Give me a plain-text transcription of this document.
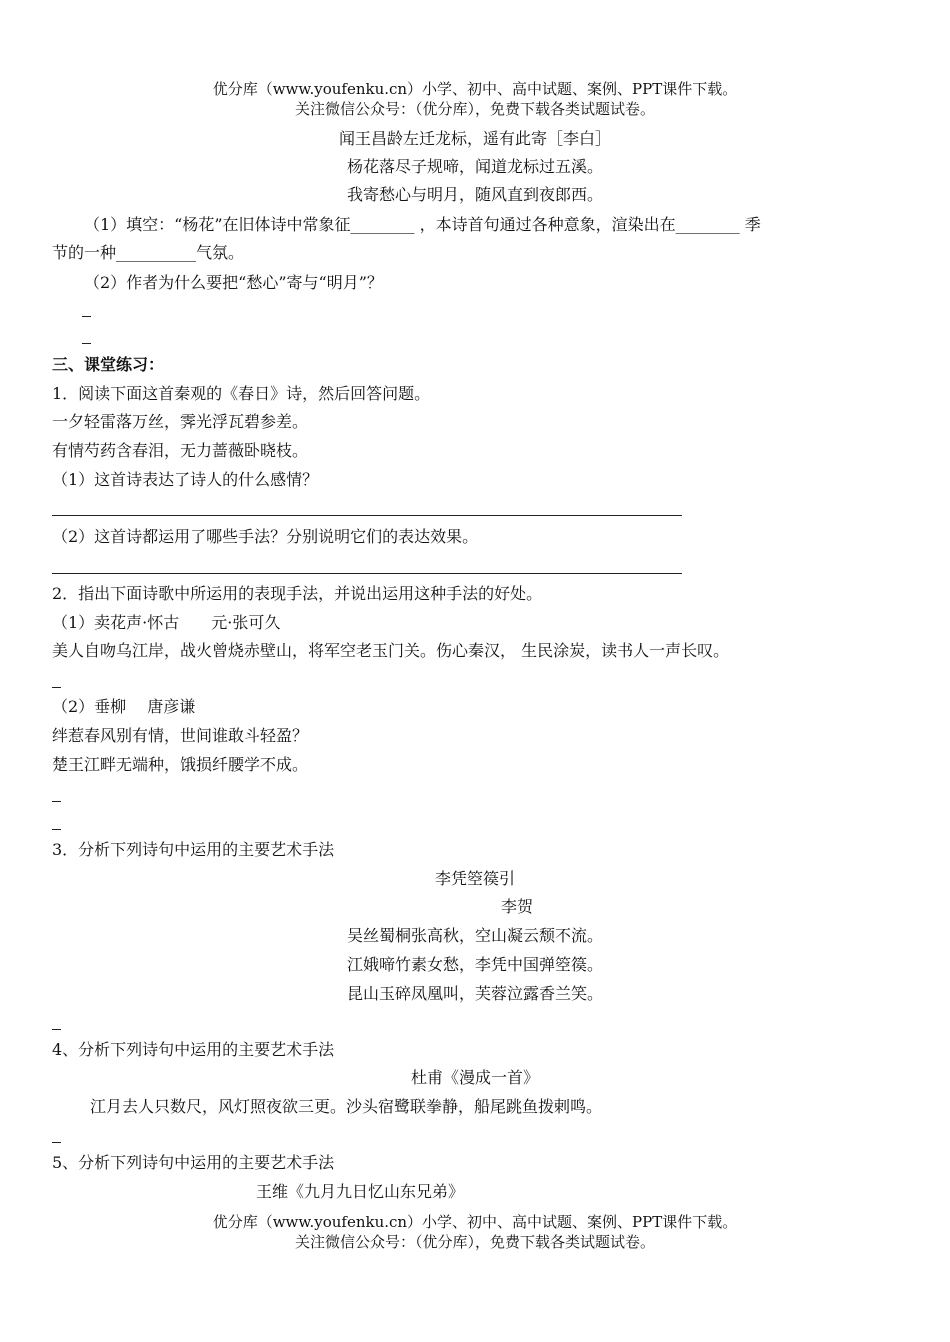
优分库（www.youfenku.cn）小学、初中、高中试题、案例、PPT课件下载。
关注微信公众号：（优分库），免费下载各类试题试卷。
闻王昌龄左迁龙标，遥有此寄［李白］
杨花落尽子规啼，闻道龙标过五溪。
我寄愁心与明月，随风直到夜郎西。
（1）填空：“杨花”在旧体诗中常象征________ ，本诗首句通过各种意象，渲染出在________ 季
节的一种__________气氛。
（2）作者为什么要把“愁心”寄与“明月”？
三、课堂练习：
1．阅读下面这首秦观的《春日》诗，然后回答问题。
一夕轻雷落万丝，霁光浮瓦碧参差。
有情芍药含春泪，无力蔷薇卧晓枝。
（1）这首诗表达了诗人的什么感情？
（2）这首诗都运用了哪些手法？分别说明它们的表达效果。
2．指出下面诗歌中所运用的表现手法，并说出运用这种手法的好处。
（1）卖花声·怀古　　元·张可久
美人自吻乌江岸，战火曾烧赤壁山，将军空老玉门关。伤心秦汉， 生民涂炭，读书人一声长叹。
（2）垂柳　 唐彦谦
绊惹春风别有情，世间谁敢斗轻盈？
楚王江畔无端种，饿损纤腰学不成。
3．分析下列诗句中运用的主要艺术手法
李凭箜篌引
李贺
吴丝蜀桐张高秋，空山凝云颓不流。
江娥啼竹素女愁，李凭中国弹箜篌。
昆山玉碎凤凰叫，芙蓉泣露香兰笑。
4、分析下列诗句中运用的主要艺术手法
杜甫《漫成一首》
江月去人只数尺，风灯照夜欲三更。沙头宿鹭联拳静，船尾跳鱼拨剌鸣。
5、分析下列诗句中运用的主要艺术手法
王维《九月九日忆山东兄弟》
优分库（www.youfenku.cn）小学、初中、高中试题、案例、PPT课件下载。
关注微信公众号：（优分库），免费下载各类试题试卷。
